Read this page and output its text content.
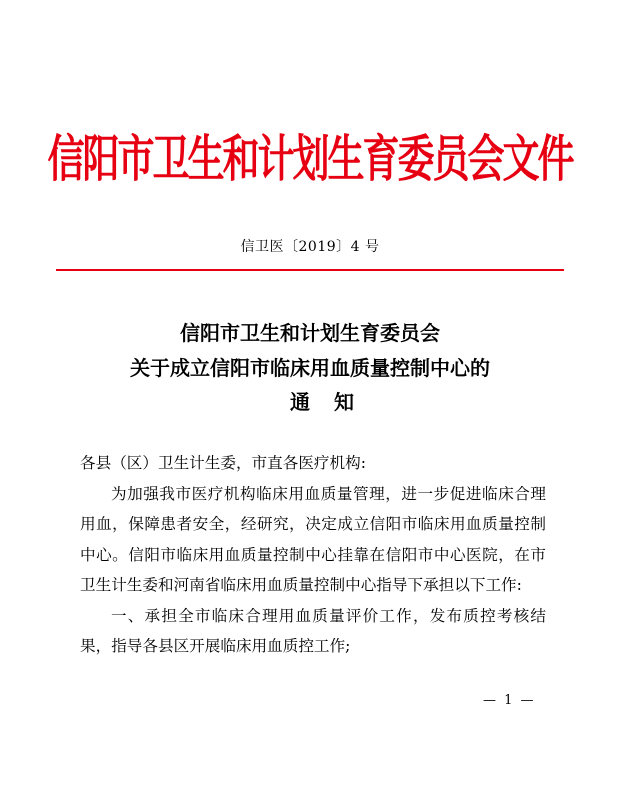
信阳市卫生和计划生育委员会文件
信卫医〔2019〕4 号
信阳市卫生和计划生育委员会
关于成立信阳市临床用血质量控制中心的
通知

各县（区）卫生计生委，市直各医疗机构:

为加强我市医疗机构临床用血质量管理，进一步促进临床合理用血，保障患者安全，经研究，决定成立信阳市临床用血质量控制中心。信阳市临床用血质量控制中心挂靠在信阳市中心医院，在市卫生计生委和河南省临床用血质量控制中心指导下承担以下工作:

一、承担全市临床合理用血质量评价工作，发布质控考核结果，指导各县区开展临床用血质控工作;

— 1 —
